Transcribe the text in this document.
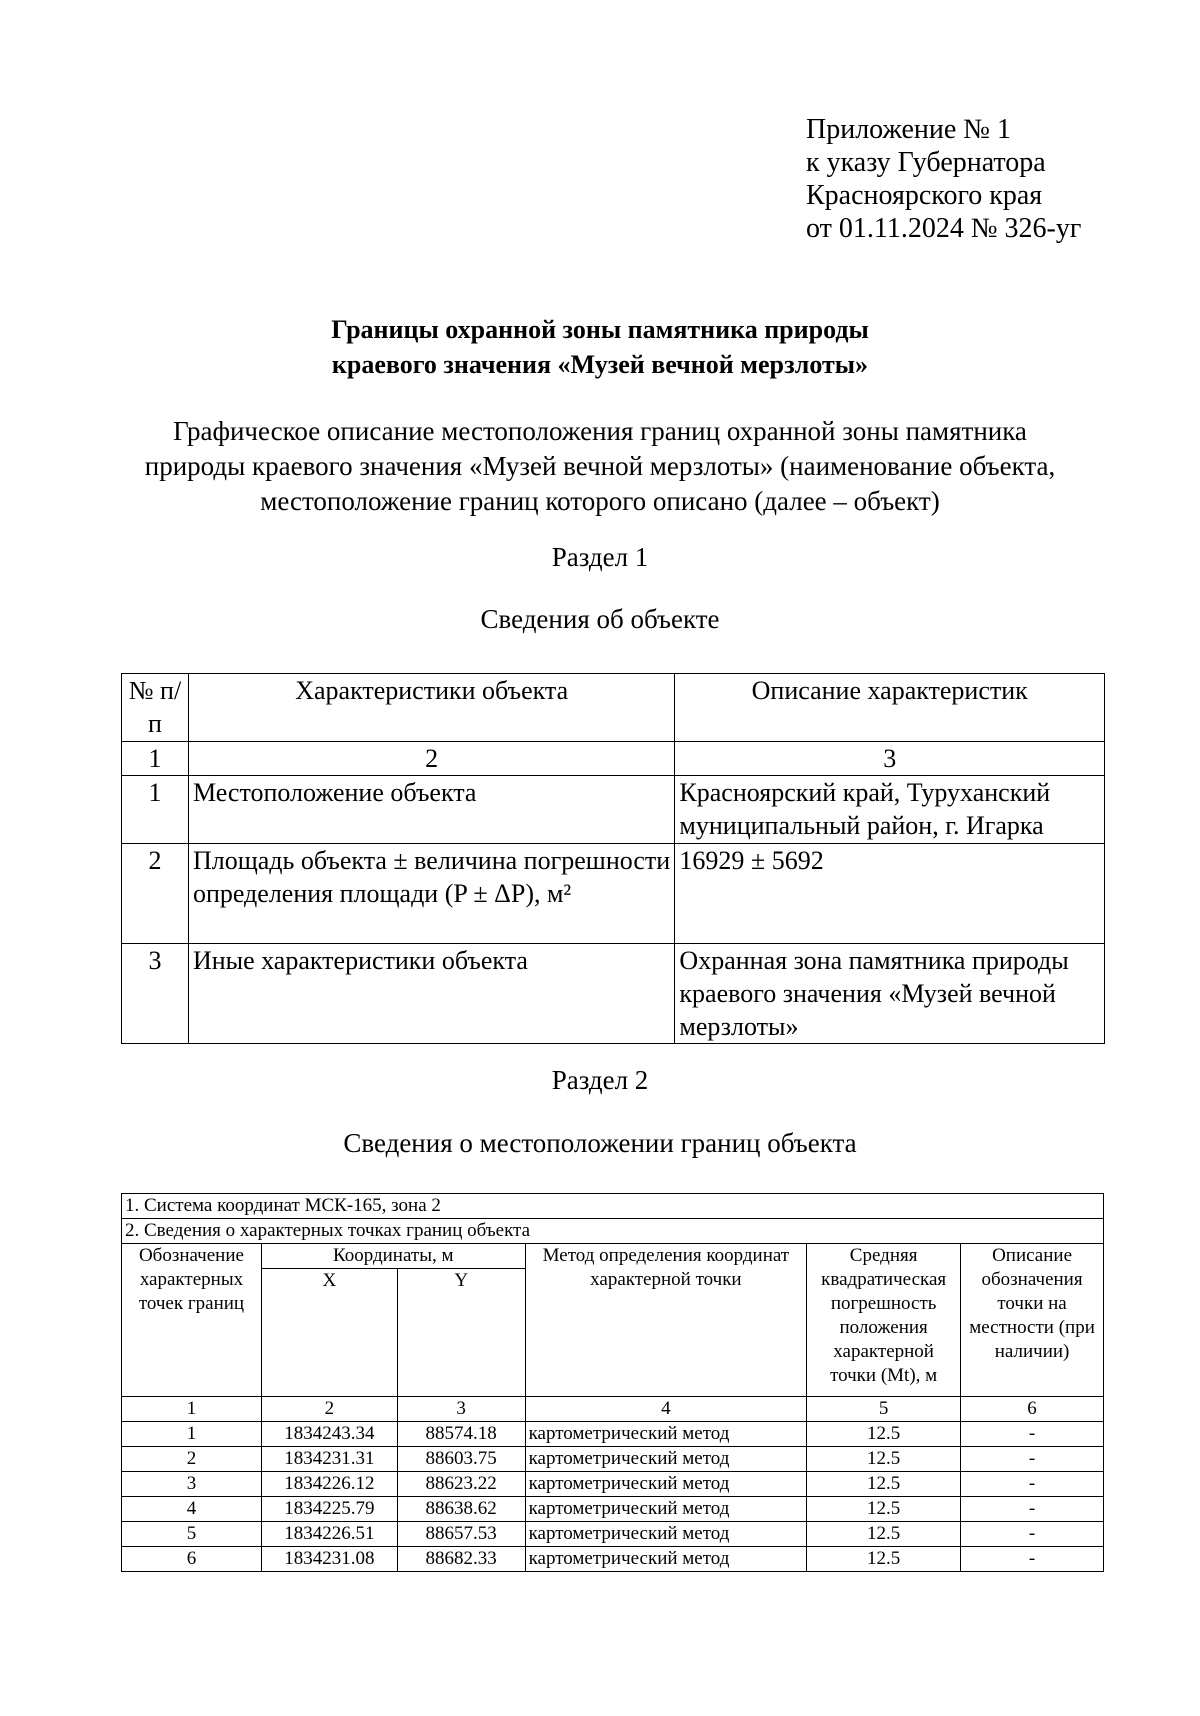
Приложение № 1
к указу Губернатора
Красноярского края
от 01.11.2024 № 326-уг
Границы охранной зоны памятника природы
краевого значения «Музей вечной мерзлоты»
Графическое описание местоположения границ охранной зоны памятника
природы краевого значения «Музей вечной мерзлоты» (наименование объекта,
местоположение границ которого описано (далее – объект)
Раздел 1
Сведения об объекте
№ п/п	Характеристики объекта	Описание характеристик
1	2	3
1	Местоположение объекта	Красноярский край, Туруханский муниципальный район, г. Игарка
2	Площадь объекта ± величина погрешности определения площади (P ± ΔP), м²	16929 ± 5692
3	Иные характеристики объекта	Охранная зона памятника природы краевого значения «Музей вечной мерзлоты»
Раздел 2
Сведения о местоположении границ объекта
1. Система координат МСК-165, зона 2					
2. Сведения о характерных точках границ объекта					
Обозначение характерных точек границ	Координаты, м		Метод определения координат характерной точки	Средняя квадратическая погрешность положения характерной точки (Mt), м	Описание обозначения точки на местности (при наличии)
	X	Y			
1	2	3	4	5	6
1	1834243.34	88574.18	картометрический метод	12.5	-
2	1834231.31	88603.75	картометрический метод	12.5	-
3	1834226.12	88623.22	картометрический метод	12.5	-
4	1834225.79	88638.62	картометрический метод	12.5	-
5	1834226.51	88657.53	картометрический метод	12.5	-
6	1834231.08	88682.33	картометрический метод	12.5	-
